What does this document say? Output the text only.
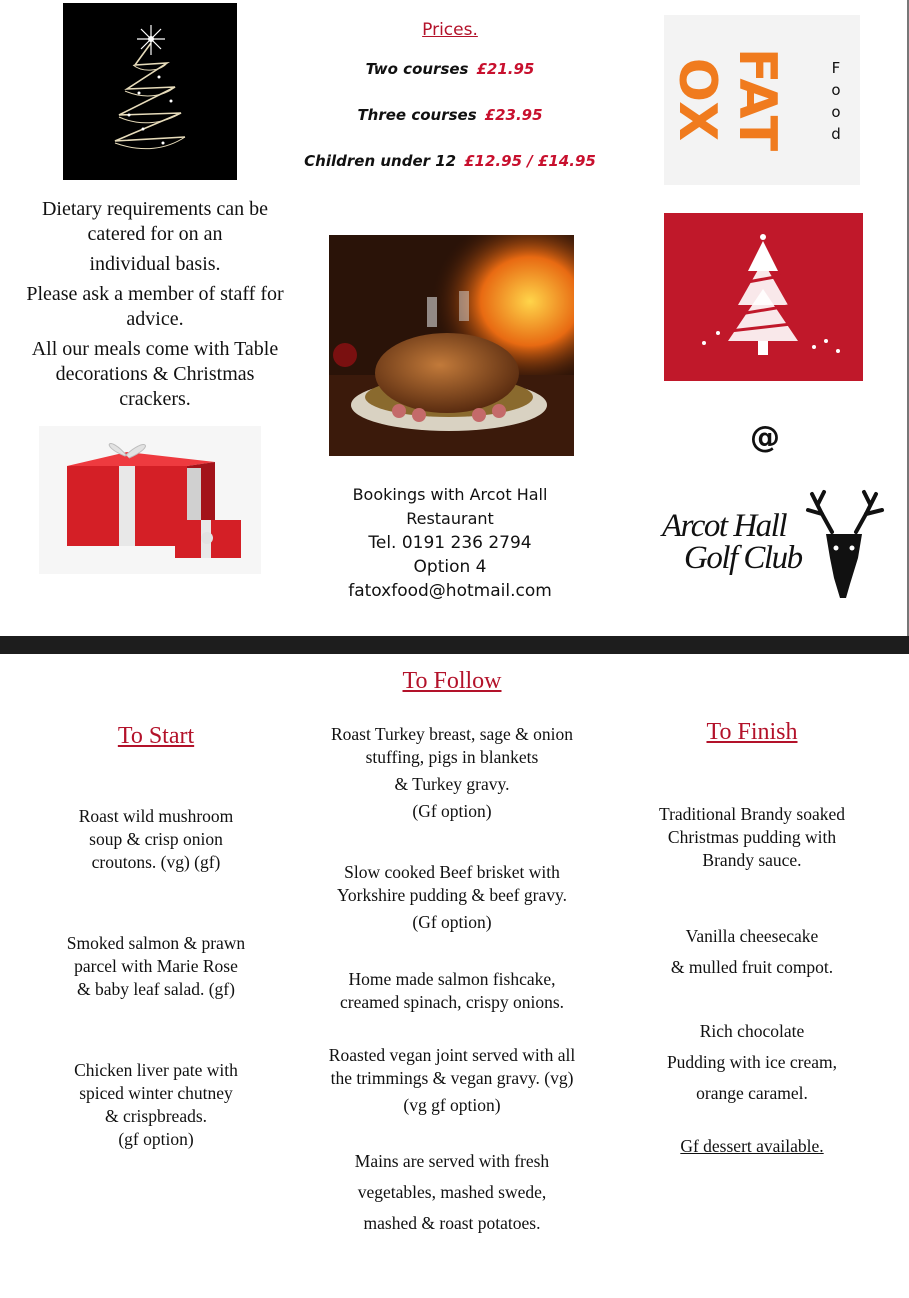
Prices.
Two courses £21.95
Three courses £23.95
Children under 12 £12.95 / £14.95
FAT OX	F
o
o
d
Dietary requirements can be catered for on an
individual basis.
Please ask a member of staff for advice.
All our meals come with Table decorations & Christmas crackers.
@
Bookings with Arcot Hall
Restaurant
Tel. 0191 236 2794
Option 4
fatoxfood@hotmail.com
Arcot Hall
Golf Club
To Follow
To Start
Roast wild mushroom
soup & crisp onion
croutons. (vg) (gf)
Smoked salmon & prawn
parcel with Marie Rose
& baby leaf salad. (gf)
Chicken liver pate with
spiced winter chutney
& crispbreads.
(gf option)
Roast Turkey breast, sage & onion
stuffing, pigs in blankets
& Turkey gravy.
(Gf option)
Slow cooked Beef brisket with
Yorkshire pudding & beef gravy.
(Gf option)
Home made salmon fishcake,
creamed spinach, crispy onions.
Roasted vegan joint served with all
the trimmings & vegan gravy. (vg)
(vg gf option)
Mains are served with fresh
vegetables, mashed swede,
mashed & roast potatoes.
To Finish
Traditional Brandy soaked
Christmas pudding with
Brandy sauce.
Vanilla cheesecake
& mulled fruit compot.
Rich chocolate
Pudding with ice cream,
orange caramel.
Gf dessert available.
